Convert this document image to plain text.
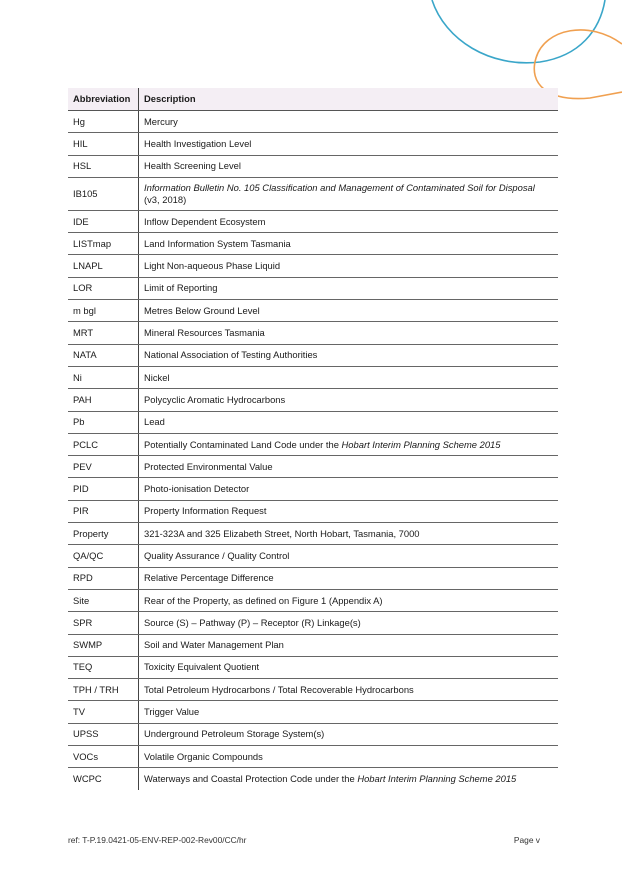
Abbreviation	Description
Hg	Mercury
HIL	Health Investigation Level
HSL	Health Screening Level
IB105	Information Bulletin No. 105 Classification and Management of Contaminated Soil for Disposal (v3, 2018)
IDE	Inflow Dependent Ecosystem
LISTmap	Land Information System Tasmania
LNAPL	Light Non-aqueous Phase Liquid
LOR	Limit of Reporting
m bgl	Metres Below Ground Level
MRT	Mineral Resources Tasmania
NATA	National Association of Testing Authorities
Ni	Nickel
PAH	Polycyclic Aromatic Hydrocarbons
Pb	Lead
PCLC	Potentially Contaminated Land Code under the Hobart Interim Planning Scheme 2015
PEV	Protected Environmental Value
PID	Photo-ionisation Detector
PIR	Property Information Request
Property	321-323A and 325 Elizabeth Street, North Hobart, Tasmania, 7000
QA/QC	Quality Assurance / Quality Control
RPD	Relative Percentage Difference
Site	Rear of the Property, as defined on Figure 1 (Appendix A)
SPR	Source (S) – Pathway (P) – Receptor (R) Linkage(s)
SWMP	Soil and Water Management Plan
TEQ	Toxicity Equivalent Quotient
TPH / TRH	Total Petroleum Hydrocarbons / Total Recoverable Hydrocarbons
TV	Trigger Value
UPSS	Underground Petroleum Storage System(s)
VOCs	Volatile Organic Compounds
WCPC	Waterways and Coastal Protection Code under the Hobart Interim Planning Scheme 2015
ref: T-P.19.0421-05-ENV-REP-002-Rev00/CC/hr	Page v
